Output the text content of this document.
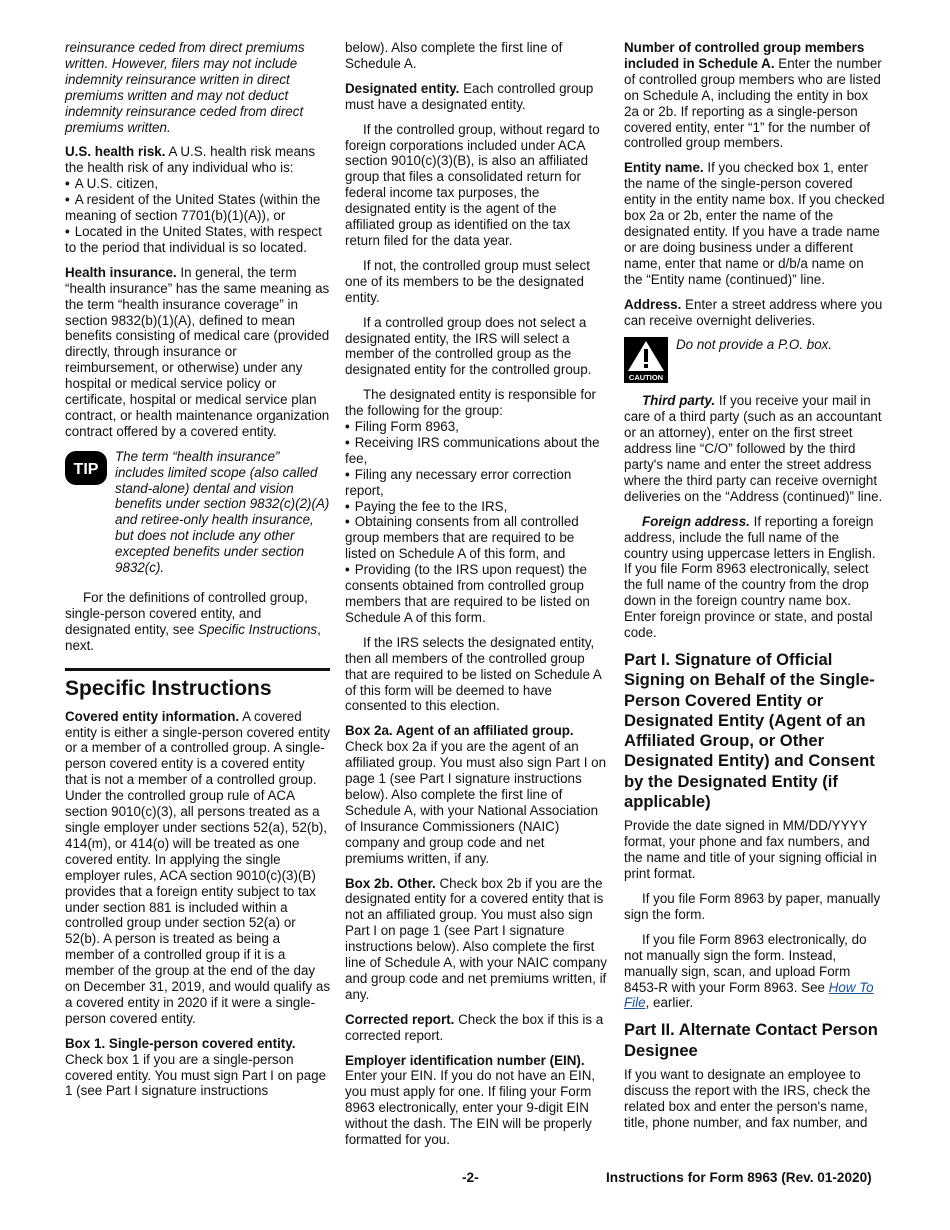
reinsurance ceded from direct premiums written. However, filers may not include indemnity reinsurance written in direct premiums written and may not deduct indemnity reinsurance ceded from direct premiums written.

U.S. health risk. A U.S. health risk means the health risk of any individual who is:

• A U.S. citizen,
• A resident of the United States (within the meaning of section 7701(b)(1)(A)), or
• Located in the United States, with respect to the period that individual is so located.

Health insurance. In general, the term “health insurance” has the same meaning as the term “health insurance coverage” in section 9832(b)(1)(A), defined to mean benefits consisting of medical care (provided directly, through insurance or reimbursement, or otherwise) under any hospital or medical service policy or certificate, hospital or medical service plan contract, or health maintenance organization contract offered by a covered entity.

TIP

The term “health insurance” includes limited scope (also called stand-alone) dental and vision benefits under section 9832(c)(2)(A) and retiree-only health insurance, but does not include any other excepted benefits under section 9832(c).

For the definitions of controlled group, single-person covered entity, and designated entity, see Specific Instructions, next.

Specific Instructions

Covered entity information. A covered entity is either a single-person covered entity or a member of a controlled group. A single-person covered entity is a covered entity that is not a member of a controlled group. Under the controlled group rule of ACA section 9010(c)(3), all persons treated as a single employer under sections 52(a), 52(b), 414(m), or 414(o) will be treated as one covered entity. In applying the single employer rules, ACA section 9010(c)(3)(B) provides that a foreign entity subject to tax under section 881 is included within a controlled group under section 52(a) or 52(b). A person is treated as being a member of a controlled group if it is a member of the group at the end of the day on December 31, 2019, and would qualify as a covered entity in 2020 if it were a single-person covered entity.

Box 1. Single-person covered entity. Check box 1 if you are a single-person covered entity. You must sign Part I on page 1 (see Part I signature instructions

below). Also complete the first line of Schedule A.

Designated entity. Each controlled group must have a designated entity.

If the controlled group, without regard to foreign corporations included under ACA section 9010(c)(3)(B), is also an affiliated group that files a consolidated return for federal income tax purposes, the designated entity is the agent of the affiliated group as identified on the tax return filed for the data year.

If not, the controlled group must select one of its members to be the designated entity.

If a controlled group does not select a designated entity, the IRS will select a member of the controlled group as the designated entity for the controlled group.

The designated entity is responsible for the following for the group:

• Filing Form 8963,
• Receiving IRS communications about the fee,
• Filing any necessary error correction report,
• Paying the fee to the IRS,
• Obtaining consents from all controlled group members that are required to be listed on Schedule A of this form, and
• Providing (to the IRS upon request) the consents obtained from controlled group members that are required to be listed on Schedule A of this form.

If the IRS selects the designated entity, then all members of the controlled group that are required to be listed on Schedule A of this form will be deemed to have consented to this election.

Box 2a. Agent of an affiliated group. Check box 2a if you are the agent of an affiliated group. You must also sign Part I on page 1 (see Part I signature instructions below). Also complete the first line of Schedule A, with your National Association of Insurance Commissioners (NAIC) company and group code and net premiums written, if any.

Box 2b. Other. Check box 2b if you are the designated entity for a covered entity that is not an affiliated group. You must also sign Part I on page 1 (see Part I signature instructions below). Also complete the first line of Schedule A, with your NAIC company and group code and net premiums written, if any.

Corrected report. Check the box if this is a corrected report.

Employer identification number (EIN). Enter your EIN. If you do not have an EIN, you must apply for one. If filing your Form 8963 electronically, enter your 9-digit EIN without the dash. The EIN will be properly formatted for you.

Number of controlled group members included in Schedule A. Enter the number of controlled group members who are listed on Schedule A, including the entity in box 2a or 2b. If reporting as a single-person covered entity, enter “1” for the number of controlled group members.

Entity name. If you checked box 1, enter the name of the single-person covered entity in the entity name box. If you checked box 2a or 2b, enter the name of the designated entity. If you have a trade name or are doing business under a different name, enter that name or d/b/a name on the “Entity name (continued)” line.

Address. Enter a street address where you can receive overnight deliveries.

CAUTION
Do not provide a P.O. box.

Third party. If you receive your mail in care of a third party (such as an accountant or an attorney), enter on the first street address line “C/O” followed by the third party's name and enter the street address where the third party can receive overnight deliveries on the “Address (continued)” line.

Foreign address. If reporting a foreign address, include the full name of the country using uppercase letters in English. If you file Form 8963 electronically, select the full name of the country from the drop down in the foreign country name box. Enter foreign province or state, and postal code.

Part I. Signature of Official Signing on Behalf of the Single-Person Covered Entity or Designated Entity (Agent of an Affiliated Group, or Other Designated Entity) and Consent by the Designated Entity (if applicable)

Provide the date signed in MM/DD/YYYY format, your phone and fax numbers, and the name and title of your signing official in print format.

If you file Form 8963 by paper, manually sign the form.

If you file Form 8963 electronically, do not manually sign the form. Instead, manually sign, scan, and upload Form 8453-R with your Form 8963. See How To File, earlier.

Part II. Alternate Contact Person Designee

If you want to designate an employee to discuss the report with the IRS, check the related box and enter the person's name, title, phone number, and fax number, and

-2-	Instructions for Form 8963 (Rev. 01-2020)
